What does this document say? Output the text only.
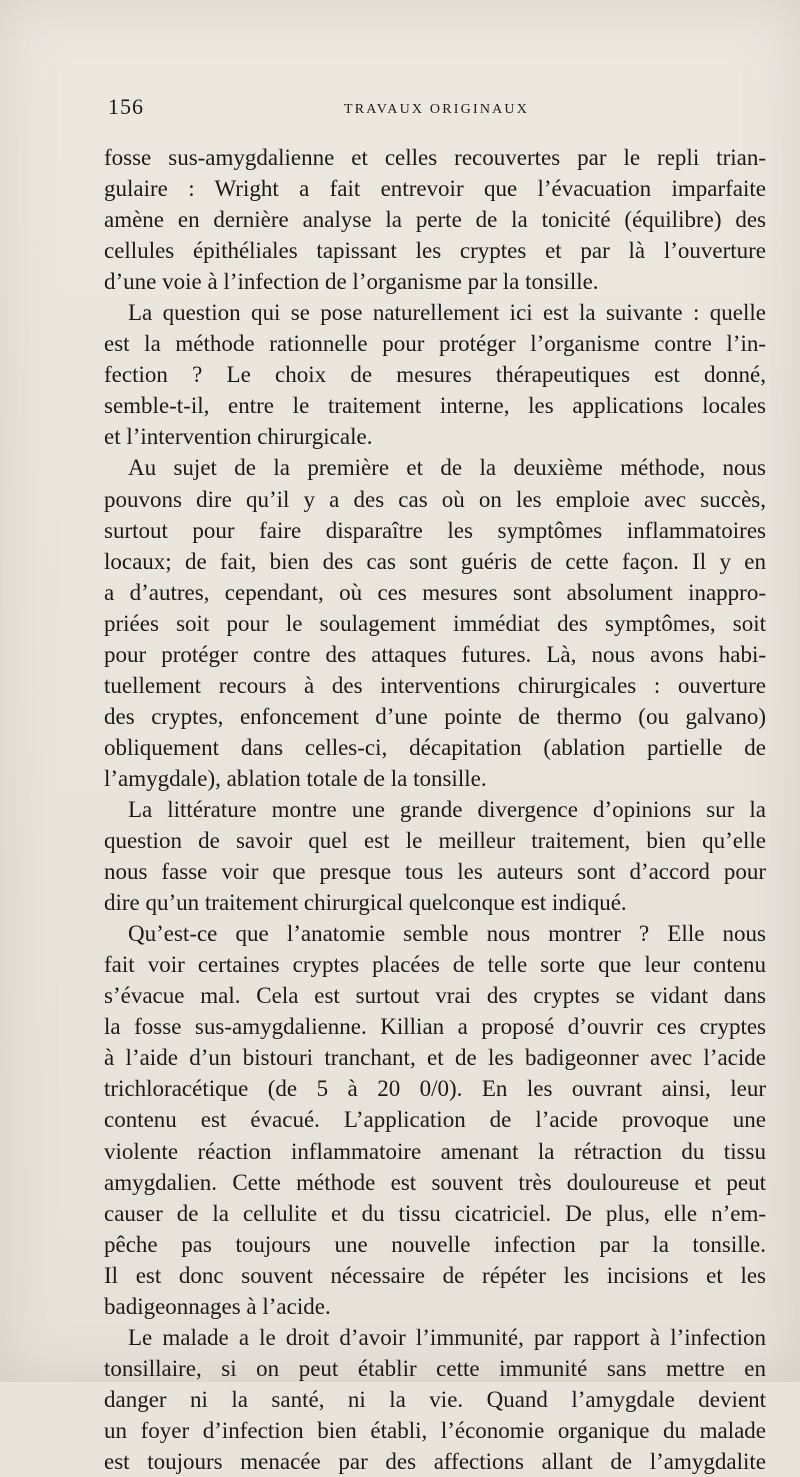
156	TRAVAUX ORIGINAUX
fosse sus-amygdalienne et celles recouvertes par le repli trian-
gulaire : Wright a fait entrevoir que l’évacuation imparfaite
amène en dernière analyse la perte de la tonicité (équilibre) des
cellules épithéliales tapissant les cryptes et par là l’ouverture
d’une voie à l’infection de l’organisme par la tonsille.
La question qui se pose naturellement ici est la suivante : quelle
est la méthode rationnelle pour protéger l’organisme contre l’in-
fection ? Le choix de mesures thérapeutiques est donné,
semble-t-il, entre le traitement interne, les applications locales
et l’intervention chirurgicale.
Au sujet de la première et de la deuxième méthode, nous
pouvons dire qu’il y a des cas où on les emploie avec succès,
surtout pour faire disparaître les symptômes inflammatoires
locaux; de fait, bien des cas sont guéris de cette façon. Il y en
a d’autres, cependant, où ces mesures sont absolument inappro-
priées soit pour le soulagement immédiat des symptômes, soit
pour protéger contre des attaques futures. Là, nous avons habi-
tuellement recours à des interventions chirurgicales : ouverture
des cryptes, enfoncement d’une pointe de thermo (ou galvano)
obliquement dans celles-ci, décapitation (ablation partielle de
l’amygdale), ablation totale de la tonsille.
La littérature montre une grande divergence d’opinions sur la
question de savoir quel est le meilleur traitement, bien qu’elle
nous fasse voir que presque tous les auteurs sont d’accord pour
dire qu’un traitement chirurgical quelconque est indiqué.
Qu’est-ce que l’anatomie semble nous montrer ? Elle nous
fait voir certaines cryptes placées de telle sorte que leur contenu
s’évacue mal. Cela est surtout vrai des cryptes se vidant dans
la fosse sus-amygdalienne. Killian a proposé d’ouvrir ces cryptes
à l’aide d’un bistouri tranchant, et de les badigeonner avec l’acide
trichloracétique (de 5 à 20 0/0). En les ouvrant ainsi, leur
contenu est évacué. L’application de l’acide provoque une
violente réaction inflammatoire amenant la rétraction du tissu
amygdalien. Cette méthode est souvent très douloureuse et peut
causer de la cellulite et du tissu cicatriciel. De plus, elle n’em-
pêche pas toujours une nouvelle infection par la tonsille.
Il est donc souvent nécessaire de répéter les incisions et les
badigeonnages à l’acide.
Le malade a le droit d’avoir l’immunité, par rapport à l’infection
tonsillaire, si on peut établir cette immunité sans mettre en
danger ni la santé, ni la vie. Quand l’amygdale devient
un foyer d’infection bien établi, l’économie organique du malade
est toujours menacée par des affections allant de l’amygdalite
